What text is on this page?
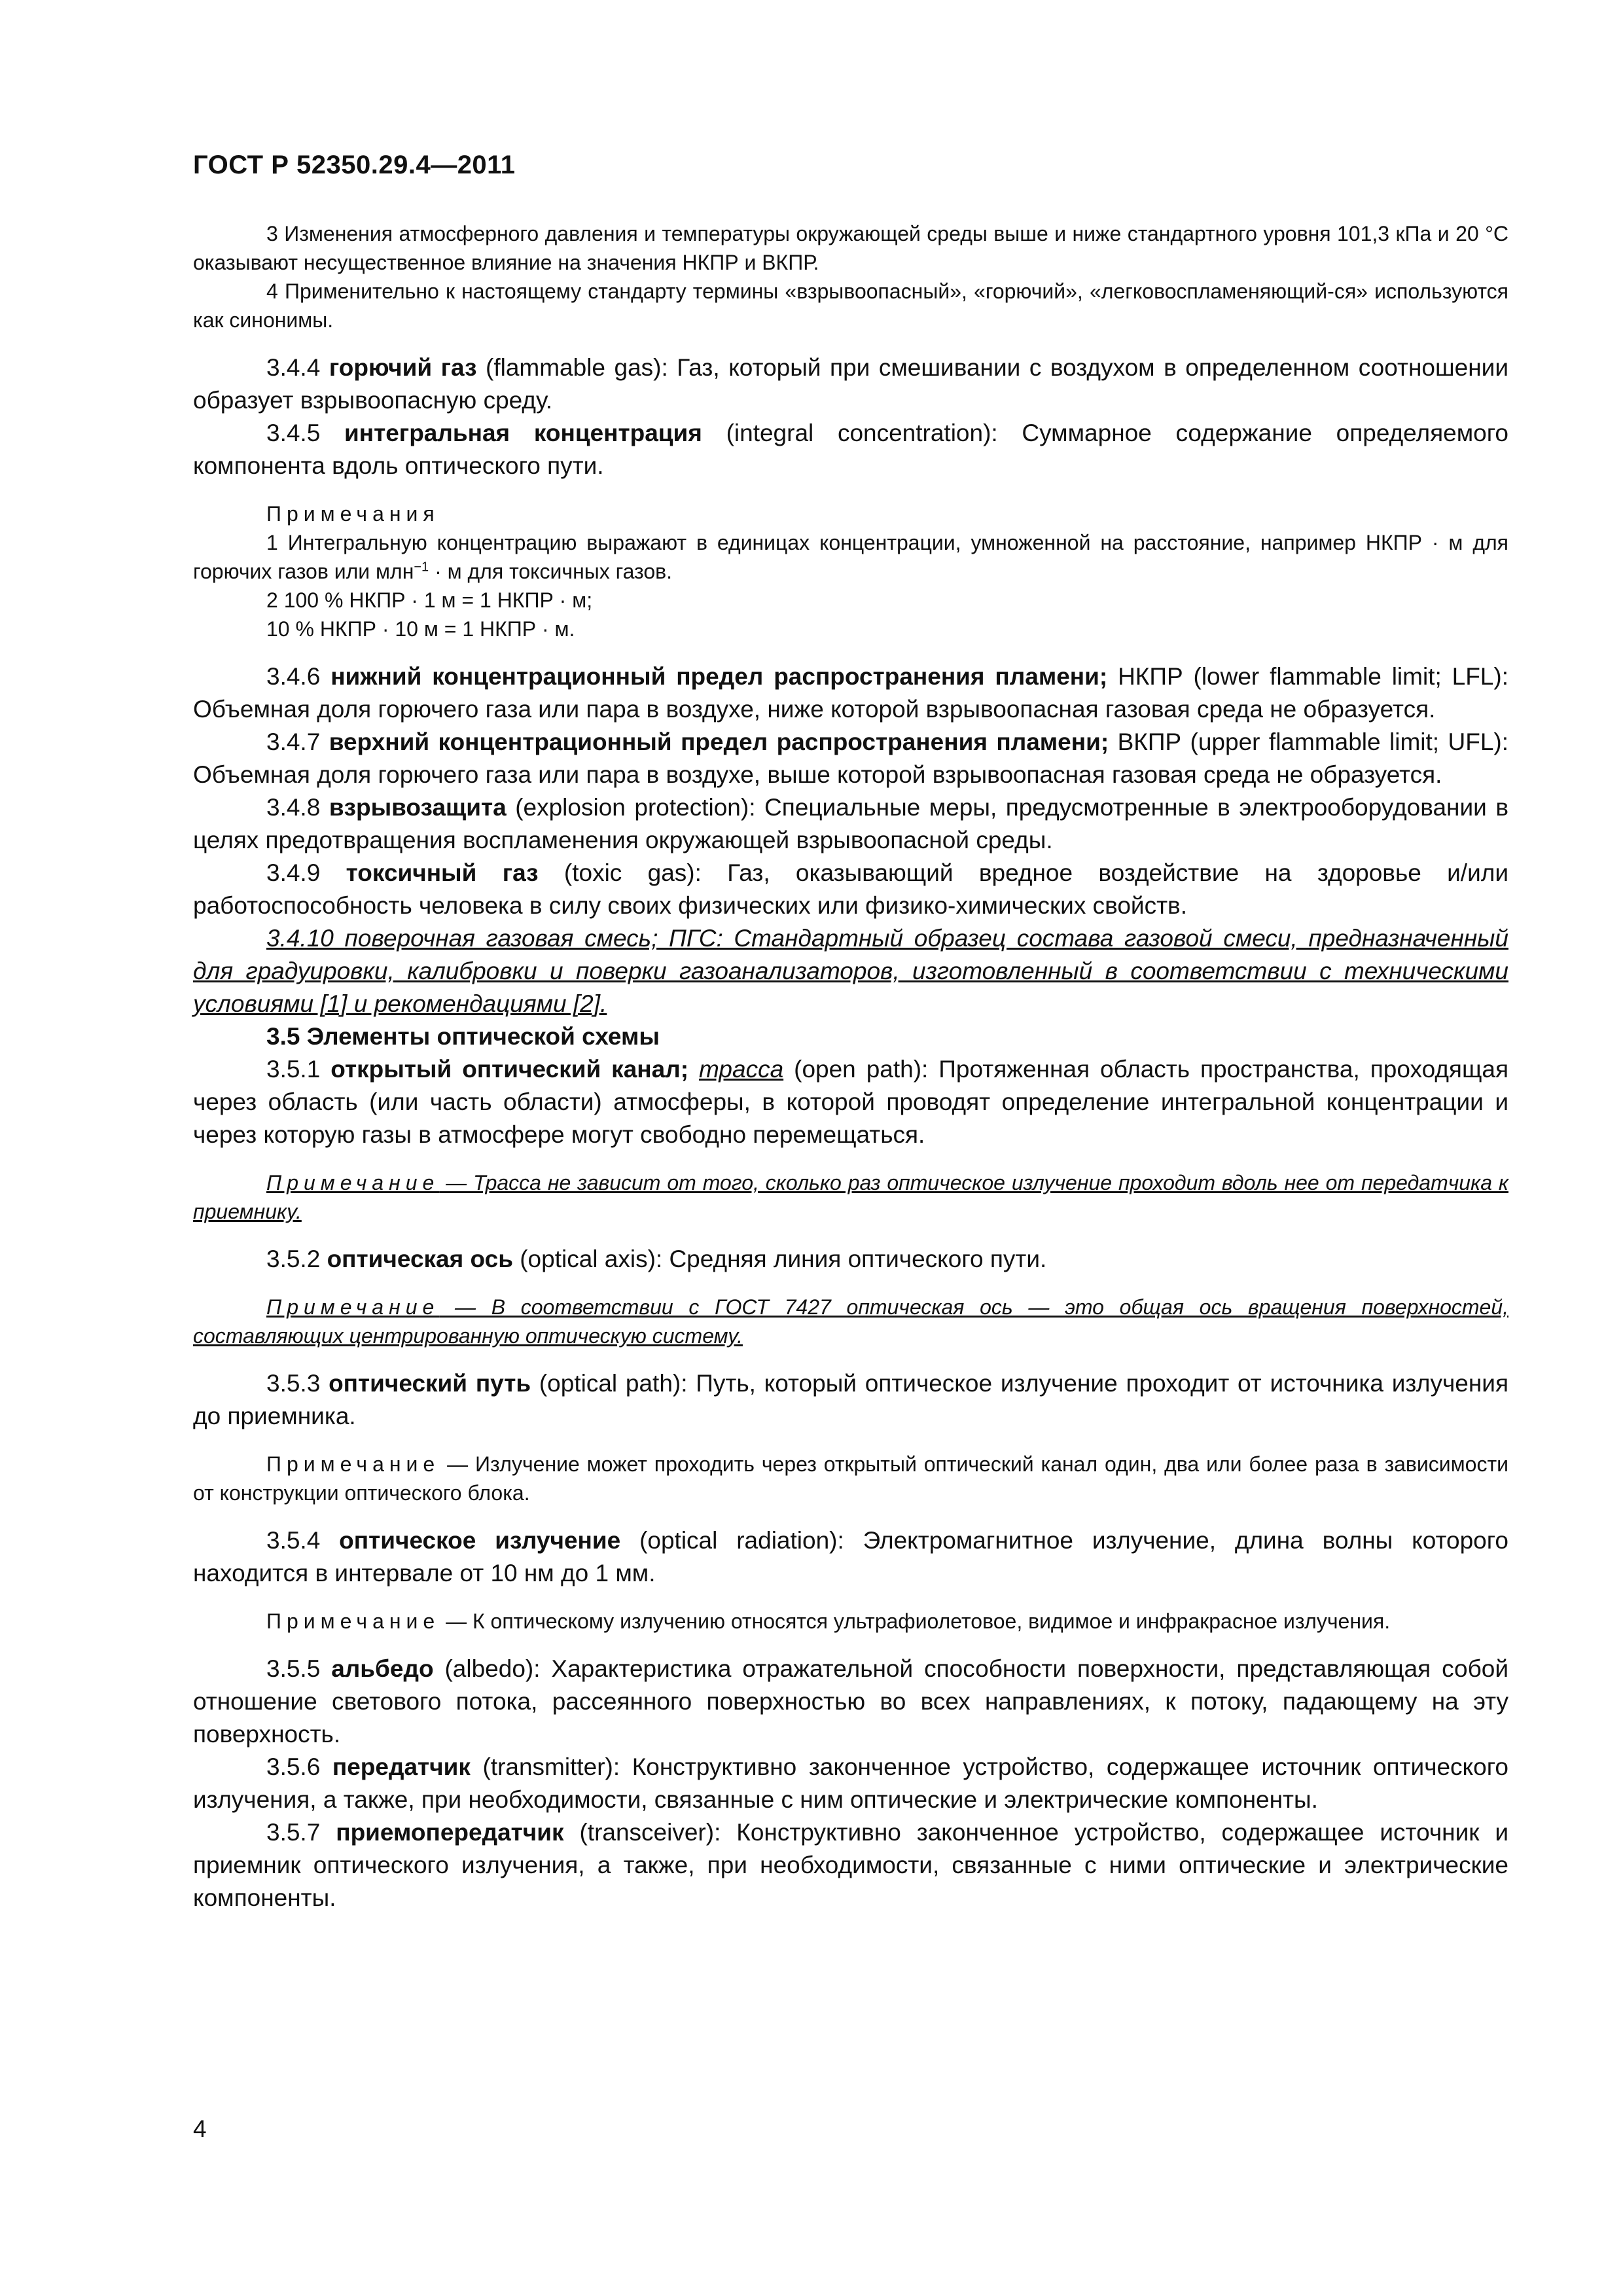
ГОСТ Р 52350.29.4—2011

3 Изменения атмосферного давления и температуры окружающей среды выше и ниже стандартного уровня 101,3 кПа и 20 °С оказывают несущественное влияние на значения НКПР и ВКПР.

4 Применительно к настоящему стандарту термины «взрывоопасный», «горючий», «легковоспламеняющий-ся» используются как синонимы.

3.4.4 горючий газ (flammable gas): Газ, который при смешивании с воздухом в определенном соотношении образует взрывоопасную среду.

3.4.5 интегральная концентрация (integral concentration): Суммарное содержание определяемого компонента вдоль оптического пути.

Примечания

1 Интегральную концентрацию выражают в единицах концентрации, умноженной на расстояние, например НКПР · м для горючих газов или млн$^{-1}$ · м для токсичных газов.

2 100 % НКПР · 1 м = 1 НКПР · м;

10 % НКПР · 10 м = 1 НКПР · м.

3.4.6 нижний концентрационный предел распространения пламени; НКПР (lower flammable limit; LFL): Объемная доля горючего газа или пара в воздухе, ниже которой взрывоопасная газовая среда не образуется.

3.4.7 верхний концентрационный предел распространения пламени; ВКПР (upper flammable limit; UFL): Объемная доля горючего газа или пара в воздухе, выше которой взрывоопасная газовая среда не образуется.

3.4.8 взрывозащита (explosion protection): Специальные меры, предусмотренные в электрооборудовании в целях предотвращения воспламенения окружающей взрывоопасной среды.

3.4.9 токсичный газ (toxic gas): Газ, оказывающий вредное воздействие на здоровье и/или работоспособность человека в силу своих физических или физико-химических свойств.

3.4.10 поверочная газовая смесь; ПГС: Стандартный образец состава газовой смеси, предназначенный для градуировки, калибровки и поверки газоанализаторов, изготовленный в соответствии с техническими условиями [1] и рекомендациями [2].

3.5 Элементы оптической схемы

3.5.1 открытый оптический канал; трасса (open path): Протяженная область пространства, проходящая через область (или часть области) атмосферы, в которой проводят определение интегральной концентрации и через которую газы в атмосфере могут свободно перемещаться.

Примечание — Трасса не зависит от того, сколько раз оптическое излучение проходит вдоль нее от передатчика к приемнику.

3.5.2 оптическая ось (optical axis): Средняя линия оптического пути.

Примечание — В соответствии с ГОСТ 7427 оптическая ось — это общая ось вращения поверхностей, составляющих центрированную оптическую систему.

3.5.3 оптический путь (optical path): Путь, который оптическое излучение проходит от источника излучения до приемника.

Примечание — Излучение может проходить через открытый оптический канал один, два или более раза в зависимости от конструкции оптического блока.

3.5.4 оптическое излучение (optical radiation): Электромагнитное излучение, длина волны которого находится в интервале от 10 нм до 1 мм.

Примечание — К оптическому излучению относятся ультрафиолетовое, видимое и инфракрасное излучения.

3.5.5 альбедо (albedo): Характеристика отражательной способности поверхности, представляющая собой отношение светового потока, рассеянного поверхностью во всех направлениях, к потоку, падающему на эту поверхность.

3.5.6 передатчик (transmitter): Конструктивно законченное устройство, содержащее источник оптического излучения, а также, при необходимости, связанные с ним оптические и электрические компоненты.

3.5.7 приемопередатчик (transceiver): Конструктивно законченное устройство, содержащее источник и приемник оптического излучения, а также, при необходимости, связанные с ними оптические и электрические компоненты.

4
